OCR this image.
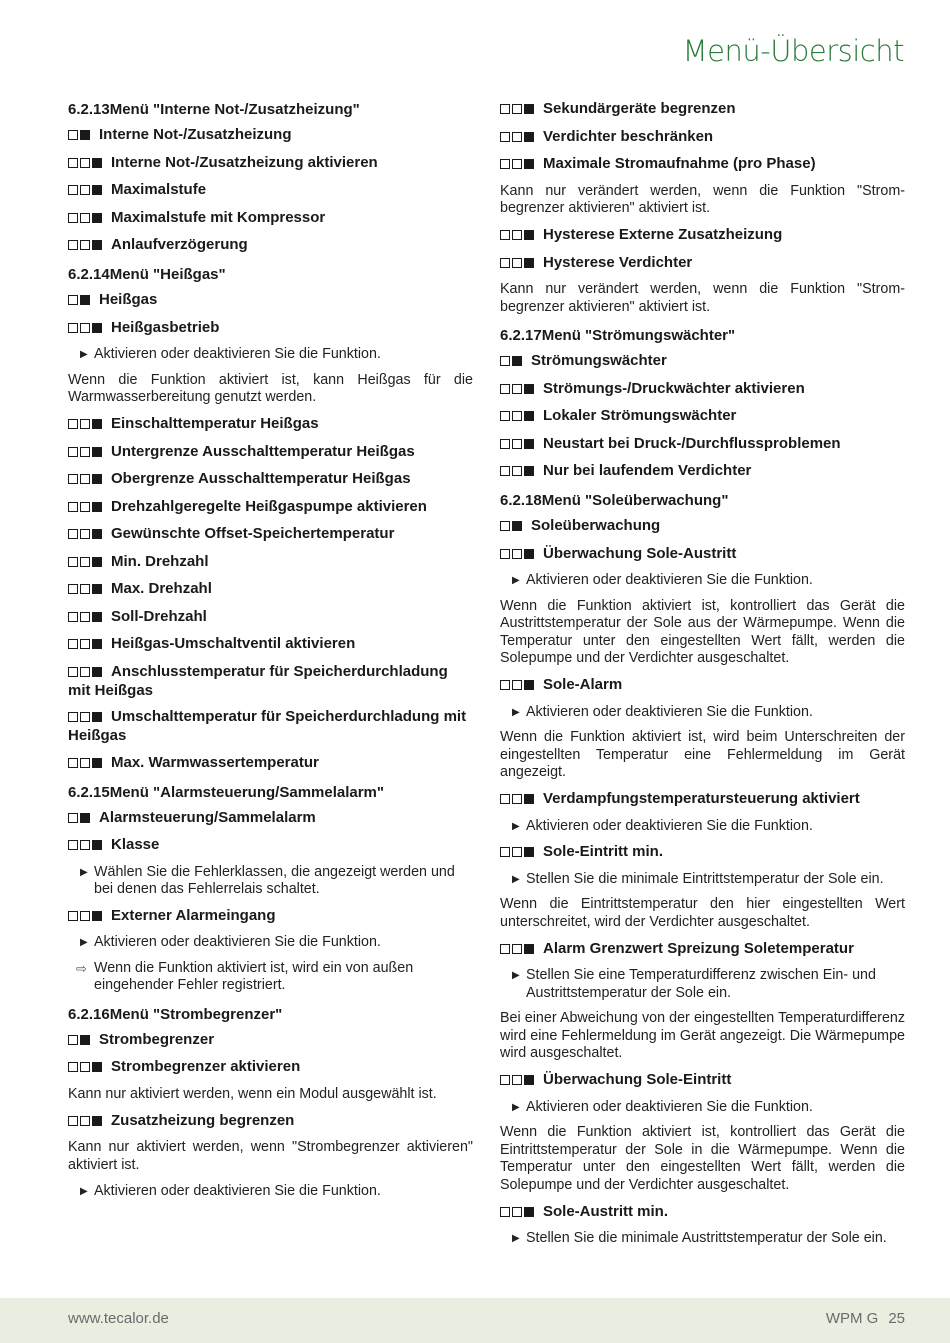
Menü-Übersicht
6.2.13Menü "Interne Not-/Zusatzheizung"
Interne Not-/Zusatzheizung
Interne Not-/Zusatzheizung aktivieren
Maximalstufe
Maximalstufe mit Kompressor
Anlaufverzögerung
6.2.14Menü "Heißgas"
Heißgas
Heißgasbetrieb
▶ Aktivieren oder deaktivieren Sie die Funktion.
Wenn die Funktion aktiviert ist, kann Heißgas für die Warmwasserbereitung genutzt werden.
Einschalttemperatur Heißgas
Untergrenze Ausschalttemperatur Heißgas
Obergrenze Ausschalttemperatur Heißgas
Drehzahlgeregelte Heißgaspumpe aktivieren
Gewünschte Offset-Speichertemperatur
Min. Drehzahl
Max. Drehzahl
Soll-Drehzahl
Heißgas-Umschaltventil aktivieren
Anschlusstemperatur für Speicherdurchladung mit Heißgas
Umschalttemperatur für Speicherdurchladung mit Heißgas
Max. Warmwassertemperatur
6.2.15Menü "Alarmsteuerung/Sammelalarm"
Alarmsteuerung/Sammelalarm
Klasse
▶ Wählen Sie die Fehlerklassen, die angezeigt werden und bei denen das Fehlerrelais schaltet.
Externer Alarmeingang
▶ Aktivieren oder deaktivieren Sie die Funktion.
⇨ Wenn die Funktion aktiviert ist, wird ein von außen eingehender Fehler registriert.
6.2.16Menü "Strombegrenzer"
Strombegrenzer
Strombegrenzer aktivieren
Kann nur aktiviert werden, wenn ein Modul ausgewählt ist.
Zusatzheizung begrenzen
Kann nur aktiviert werden, wenn "Strombegrenzer aktivieren" aktiviert ist.
▶ Aktivieren oder deaktivieren Sie die Funktion.
Sekundärgeräte begrenzen
Verdichter beschränken
Maximale Stromaufnahme (pro Phase)
Kann nur verändert werden, wenn die Funktion "Strombegrenzer aktivieren" aktiviert ist.
Hysterese Externe Zusatzheizung
Hysterese Verdichter
Kann nur verändert werden, wenn die Funktion "Strombegrenzer aktivieren" aktiviert ist.
6.2.17Menü "Strömungswächter"
Strömungswächter
Strömungs-/Druckwächter aktivieren
Lokaler Strömungswächter
Neustart bei Druck-/Durchflussproblemen
Nur bei laufendem Verdichter
6.2.18Menü "Soleüberwachung"
Soleüberwachung
Überwachung Sole-Austritt
▶ Aktivieren oder deaktivieren Sie die Funktion.
Wenn die Funktion aktiviert ist, kontrolliert das Gerät die Austrittstemperatur der Sole aus der Wärmepumpe. Wenn die Temperatur unter den eingestellten Wert fällt, werden die Solepumpe und der Verdichter ausgeschaltet.
Sole-Alarm
▶ Aktivieren oder deaktivieren Sie die Funktion.
Wenn die Funktion aktiviert ist, wird beim Unterschreiten der eingestellten Temperatur eine Fehlermeldung im Gerät angezeigt.
Verdampfungstemperatursteuerung aktiviert
▶ Aktivieren oder deaktivieren Sie die Funktion.
Sole-Eintritt min.
▶ Stellen Sie die minimale Eintrittstemperatur der Sole ein.
Wenn die Eintrittstemperatur den hier eingestellten Wert unterschreitet, wird der Verdichter ausgeschaltet.
Alarm Grenzwert Spreizung Soletemperatur
▶ Stellen Sie eine Temperaturdifferenz zwischen Ein- und Austrittstemperatur der Sole ein.
Bei einer Abweichung von der eingestellten Temperaturdifferenz wird eine Fehlermeldung im Gerät angezeigt. Die Wärmepumpe wird ausgeschaltet.
Überwachung Sole-Eintritt
▶ Aktivieren oder deaktivieren Sie die Funktion.
Wenn die Funktion aktiviert ist, kontrolliert das Gerät die Eintrittstemperatur der Sole in die Wärmepumpe. Wenn die Temperatur unter den eingestellten Wert fällt, werden die Solepumpe und der Verdichter ausgeschaltet.
Sole-Austritt min.
▶ Stellen Sie die minimale Austrittstemperatur der Sole ein.
www.tecalor.de	WPM G 25
